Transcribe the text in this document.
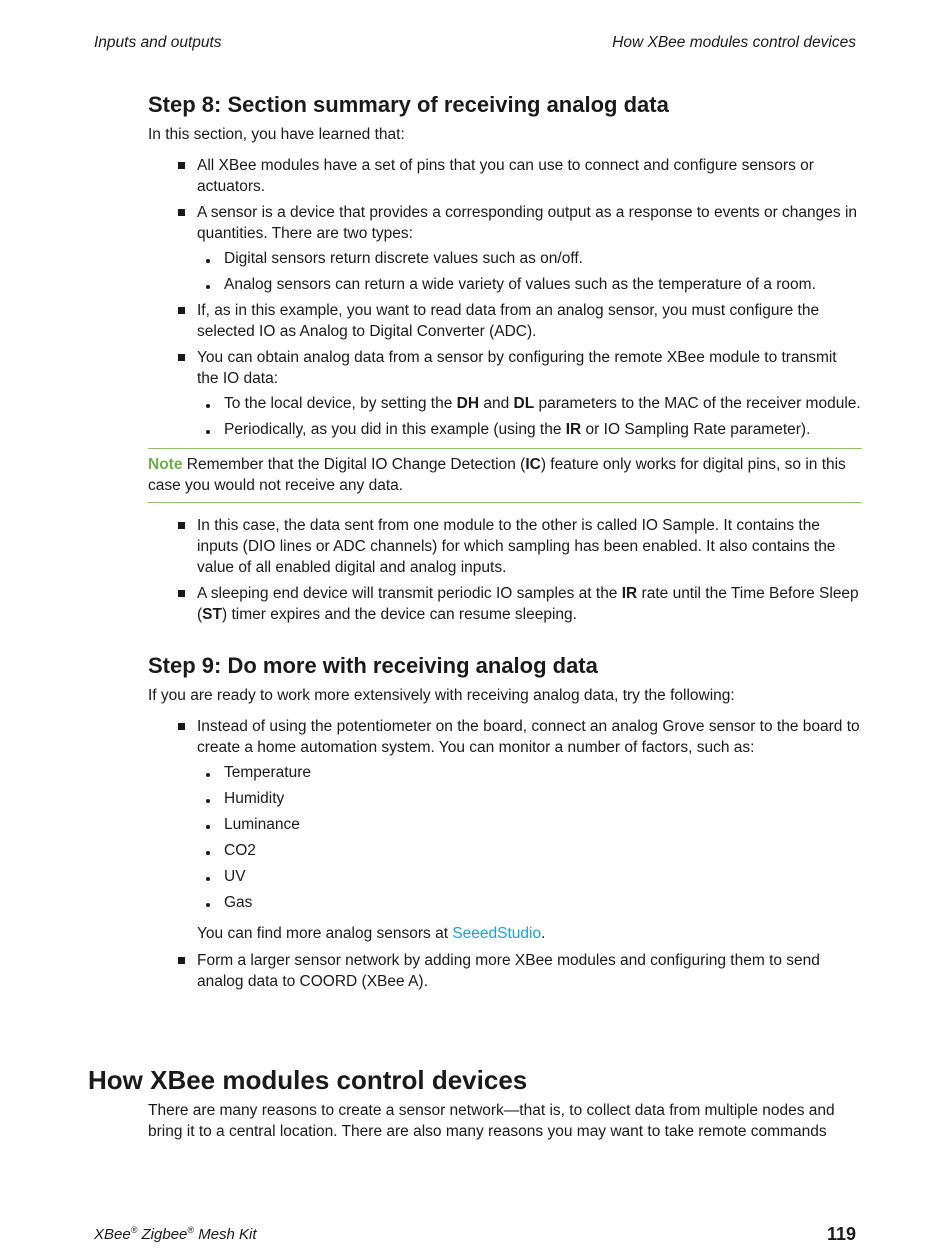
Inputs and outputs	How XBee modules control devices
Step 8: Section summary of receiving analog data
In this section, you have learned that:
All XBee modules have a set of pins that you can use to connect and configure sensors or actuators.
A sensor is a device that provides a corresponding output as a response to events or changes in quantities. There are two types:
Digital sensors return discrete values such as on/off.
Analog sensors can return a wide variety of values such as the temperature of a room.
If, as in this example, you want to read data from an analog sensor, you must configure the selected IO as Analog to Digital Converter (ADC).
You can obtain analog data from a sensor by configuring the remote XBee module to transmit the IO data:
To the local device, by setting the DH and DL parameters to the MAC of the receiver module.
Periodically, as you did in this example (using the IR or IO Sampling Rate parameter).
Note Remember that the Digital IO Change Detection (IC) feature only works for digital pins, so in this case you would not receive any data.
In this case, the data sent from one module to the other is called IO Sample. It contains the inputs (DIO lines or ADC channels) for which sampling has been enabled. It also contains the value of all enabled digital and analog inputs.
A sleeping end device will transmit periodic IO samples at the IR rate until the Time Before Sleep (ST) timer expires and the device can resume sleeping.
Step 9: Do more with receiving analog data
If you are ready to work more extensively with receiving analog data, try the following:
Instead of using the potentiometer on the board, connect an analog Grove sensor to the board to create a home automation system. You can monitor a number of factors, such as:
Temperature
Humidity
Luminance
CO2
UV
Gas
You can find more analog sensors at SeeedStudio.
Form a larger sensor network by adding more XBee modules and configuring them to send analog data to COORD (XBee A).
How XBee modules control devices
There are many reasons to create a sensor network—that is, to collect data from multiple nodes and bring it to a central location. There are also many reasons you may want to take remote commands
XBee® Zigbee® Mesh Kit	119
